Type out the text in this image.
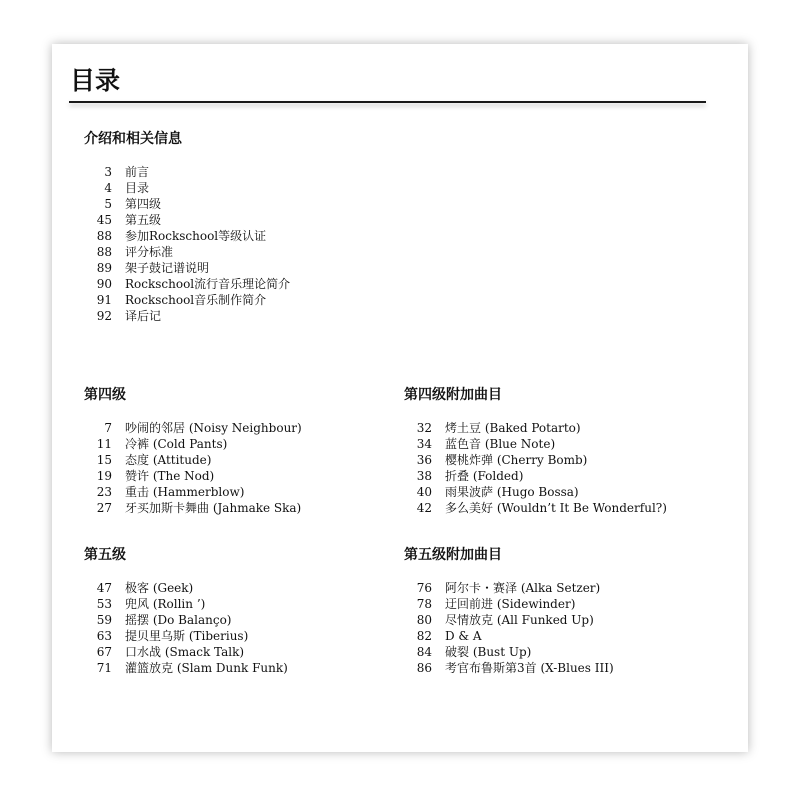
目录
介绍和相关信息
3 前言
4 目录
5 第四级
45 第五级
88 参加Rockschool等级认证
88 评分标准
89 架子鼓记谱说明
90 Rockschool流行音乐理论简介
91 Rockschool音乐制作简介
92 译后记
第四级
7 吵闹的邻居 (Noisy Neighbour)
11 冷裤 (Cold Pants)
15 态度 (Attitude)
19 赞许 (The Nod)
23 重击 (Hammerblow)
27 牙买加斯卡舞曲 (Jahmake Ska)
第四级附加曲目
32 烤土豆 (Baked Potarto)
34 蓝色音 (Blue Note)
36 樱桃炸弹 (Cherry Bomb)
38 折叠 (Folded)
40 雨果波萨 (Hugo Bossa)
42 多么美好 (Wouldn’t It Be Wonderful?)
第五级
47 极客 (Geek)
53 兜风 (Rollin ’)
59 摇摆 (Do Balanço)
63 提贝里乌斯 (Tiberius)
67 口水战 (Smack Talk)
71 灌篮放克 (Slam Dunk Funk)
第五级附加曲目
76 阿尔卡・赛泽 (Alka Setzer)
78 迂回前进 (Sidewinder)
80 尽情放克 (All Funked Up)
82 D & A
84 破裂 (Bust Up)
86 考官布鲁斯第3首 (X-Blues III)
